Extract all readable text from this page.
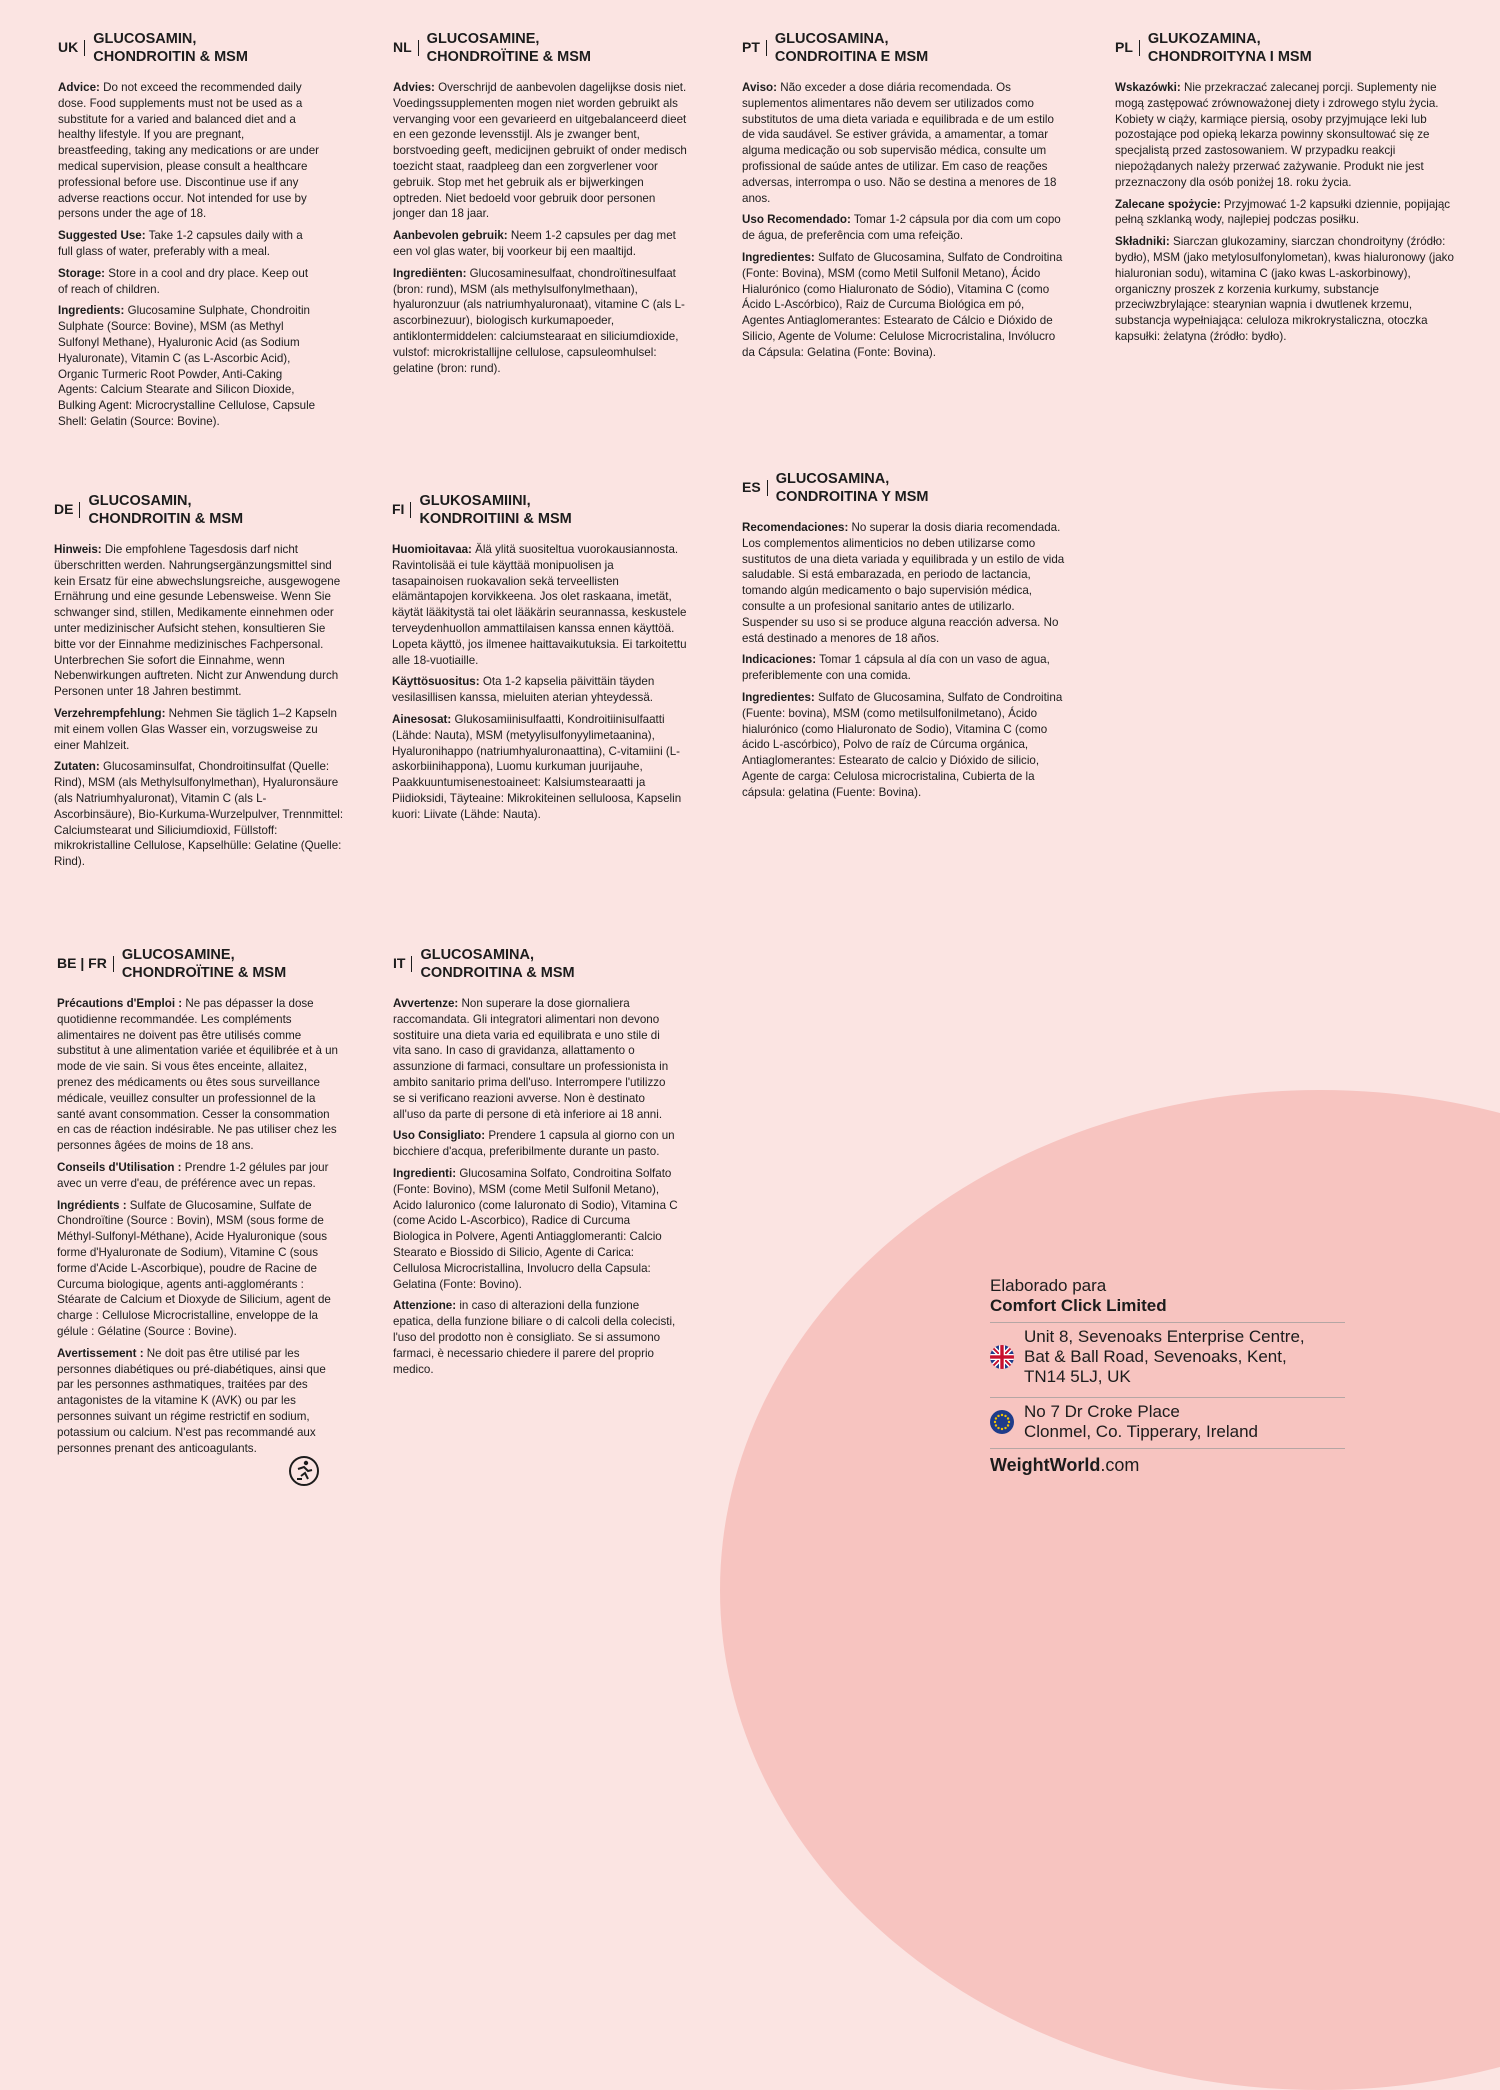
UK
GLUCOSAMIN,
CHONDROITIN & MSM

Advice: Do not exceed the recommended daily dose. Food supplements must not be used as a substitute for a varied and balanced diet and a healthy lifestyle. If you are pregnant, breastfeeding, taking any medications or are under medical supervision, please consult a healthcare professional before use. Discontinue use if any adverse reactions occur. Not intended for use by persons under the age of 18.

Suggested Use: Take 1-2 capsules daily with a full glass of water, preferably with a meal.

Storage: Store in a cool and dry place. Keep out of reach of children.

Ingredients: Glucosamine Sulphate, Chondroitin Sulphate (Source: Bovine), MSM (as Methyl Sulfonyl Methane), Hyaluronic Acid (as Sodium Hyaluronate), Vitamin C (as L-Ascorbic Acid), Organic Turmeric Root Powder, Anti-Caking Agents: Calcium Stearate and Silicon Dioxide, Bulking Agent: Microcrystalline Cellulose, Capsule Shell: Gelatin (Source: Bovine).

NL
GLUCOSAMINE,
CHONDROÏTINE & MSM

Advies: Overschrijd de aanbevolen dagelijkse dosis niet. Voedingssupplementen mogen niet worden gebruikt als vervanging voor een gevarieerd en uitgebalanceerd dieet en een gezonde levensstijl. Als je zwanger bent, borstvoeding geeft, medicijnen gebruikt of onder medisch toezicht staat, raadpleeg dan een zorgverlener voor gebruik. Stop met het gebruik als er bijwerkingen optreden. Niet bedoeld voor gebruik door personen jonger dan 18 jaar.

Aanbevolen gebruik: Neem 1-2 capsules per dag met een vol glas water, bij voorkeur bij een maaltijd.

Ingrediënten: Glucosaminesulfaat, chondroïtinesulfaat (bron: rund), MSM (als methylsulfonylmethaan), hyaluronzuur (als natriumhyaluronaat), vitamine C (als L-ascorbinezuur), biologisch kurkumapoeder, antiklontermiddelen: calciumstearaat en siliciumdioxide, vulstof: microkristallijne cellulose, capsuleomhulsel: gelatine (bron: rund).

PT
GLUCOSAMINA,
CONDROITINA E MSM

Aviso: Não exceder a dose diária recomendada. Os suplementos alimentares não devem ser utilizados como substitutos de uma dieta variada e equilibrada e de um estilo de vida saudável. Se estiver grávida, a amamentar, a tomar alguma medicação ou sob supervisão médica, consulte um profissional de saúde antes de utilizar. Em caso de reações adversas, interrompa o uso. Não se destina a menores de 18 anos.

Uso Recomendado: Tomar 1-2 cápsula por dia com um copo de água, de preferência com uma refeição.

Ingredientes: Sulfato de Glucosamina, Sulfato de Condroitina (Fonte: Bovina), MSM (como Metil Sulfonil Metano), Ácido Hialurónico (como Hialuronato de Sódio), Vitamina C (como Ácido L-Ascórbico), Raiz de Curcuma Biológica em pó, Agentes Antiaglomerantes: Estearato de Cálcio e Dióxido de Silicio, Agente de Volume: Celulose Microcristalina, Invólucro da Cápsula: Gelatina (Fonte: Bovina).

PL
GLUKOZAMINA,
CHONDROITYNA I MSM

Wskazówki: Nie przekraczać zalecanej porcji. Suplementy nie mogą zastępować zrównoważonej diety i zdrowego stylu życia. Kobiety w ciąży, karmiące piersią, osoby przyjmujące leki lub pozostające pod opieką lekarza powinny skonsultować się ze specjalistą przed zastosowaniem. W przypadku reakcji niepożądanych należy przerwać zażywanie. Produkt nie jest przeznaczony dla osób poniżej 18. roku życia.

Zalecane spożycie: Przyjmować 1-2 kapsułki dziennie, popijając pełną szklanką wody, najlepiej podczas posiłku.

Składniki: Siarczan glukozaminy, siarczan chondroityny (źródło: bydło), MSM (jako metylosulfonylometan), kwas hialuronowy (jako hialuronian sodu), witamina C (jako kwas L-askorbinowy), organiczny proszek z korzenia kurkumy, substancje przeciwzbrylające: stearynian wapnia i dwutlenek krzemu, substancja wypełniająca: celuloza mikrokrystaliczna, otoczka kapsułki: żelatyna (źródło: bydło).

DE
GLUCOSAMIN,
CHONDROITIN & MSM

Hinweis: Die empfohlene Tagesdosis darf nicht überschritten werden. Nahrungsergänzungsmittel sind kein Ersatz für eine abwechslungsreiche, ausgewogene Ernährung und eine gesunde Lebensweise. Wenn Sie schwanger sind, stillen, Medikamente einnehmen oder unter medizinischer Aufsicht stehen, konsultieren Sie bitte vor der Einnahme medizinisches Fachpersonal. Unterbrechen Sie sofort die Einnahme, wenn Nebenwirkungen auftreten. Nicht zur Anwendung durch Personen unter 18 Jahren bestimmt.

Verzehrempfehlung: Nehmen Sie täglich 1–2 Kapseln mit einem vollen Glas Wasser ein, vorzugsweise zu einer Mahlzeit.

Zutaten: Glucosaminsulfat, Chondroitinsulfat (Quelle: Rind), MSM (als Methylsulfonylmethan), Hyaluronsäure (als Natriumhyaluronat), Vitamin C (als L-Ascorbinsäure), Bio-Kurkuma-Wurzelpulver, Trennmittel: Calciumstearat und Siliciumdioxid, Füllstoff: mikrokristalline Cellulose, Kapselhülle: Gelatine (Quelle: Rind).

FI
GLUKOSAMIINI,
KONDROITIINI & MSM

Huomioitavaa: Älä ylitä suositeltua vuorokausiannosta. Ravintolisää ei tule käyttää monipuolisen ja tasapainoisen ruokavalion sekä terveellisten elämäntapojen korvikkeena. Jos olet raskaana, imetät, käytät lääkitystä tai olet lääkärin seurannassa, keskustele terveydenhuollon ammattilaisen kanssa ennen käyttöä. Lopeta käyttö, jos ilmenee haittavaikutuksia. Ei tarkoitettu alle 18-vuotiaille.

Käyttösuositus: Ota 1-2 kapselia päivittäin täyden vesilasillisen kanssa, mieluiten aterian yhteydessä.

Ainesosat: Glukosamiinisulfaatti, Kondroitiinisulfaatti (Lähde: Nauta), MSM (metyylisulfonyylimetaanina), Hyaluronihappo (natriumhyaluronaattina), C-vitamiini (L-askorbiinihappona), Luomu kurkuman juurijauhe, Paakkuuntumisenestoaineet: Kalsiumstearaatti ja Piidioksidi, Täyteaine: Mikrokiteinen selluloosa, Kapselin kuori: Liivate (Lähde: Nauta).

ES
GLUCOSAMINA,
CONDROITINA Y MSM

Recomendaciones: No superar la dosis diaria recomendada. Los complementos alimenticios no deben utilizarse como sustitutos de una dieta variada y equilibrada y un estilo de vida saludable. Si está embarazada, en periodo de lactancia, tomando algún medicamento o bajo supervisión médica, consulte a un profesional sanitario antes de utilizarlo. Suspender su uso si se produce alguna reacción adversa. No está destinado a menores de 18 años.

Indicaciones: Tomar 1 cápsula al día con un vaso de agua, preferiblemente con una comida.

Ingredientes: Sulfato de Glucosamina, Sulfato de Condroitina (Fuente: bovina), MSM (como metilsulfonilmetano), Ácido hialurónico (como Hialuronato de Sodio), Vitamina C (como ácido L-ascórbico), Polvo de raíz de Cúrcuma orgánica, Antiaglomerantes: Estearato de calcio y Dióxido de silicio, Agente de carga: Celulosa microcristalina, Cubierta de la cápsula: gelatina (Fuente: Bovina).

BE | FR
GLUCOSAMINE,
CHONDROÏTINE & MSM

Précautions d'Emploi : Ne pas dépasser la dose quotidienne recommandée. Les compléments alimentaires ne doivent pas être utilisés comme substitut à une alimentation variée et équilibrée et à un mode de vie sain. Si vous êtes enceinte, allaitez, prenez des médicaments ou êtes sous surveillance médicale, veuillez consulter un professionnel de la santé avant consommation. Cesser la consommation en cas de réaction indésirable. Ne pas utiliser chez les personnes âgées de moins de 18 ans.

Conseils d'Utilisation : Prendre 1-2 gélules par jour avec un verre d'eau, de préférence avec un repas.

Ingrédients : Sulfate de Glucosamine, Sulfate de Chondroïtine (Source : Bovin), MSM (sous forme de Méthyl-Sulfonyl-Méthane), Acide Hyaluronique (sous forme d'Hyaluronate de Sodium), Vitamine C (sous forme d'Acide L-Ascorbique), poudre de Racine de Curcuma biologique, agents anti-agglomérants : Stéarate de Calcium et Dioxyde de Silicium, agent de charge : Cellulose Microcristalline, enveloppe de la gélule : Gélatine (Source : Bovine).

Avertissement : Ne doit pas être utilisé par les personnes diabétiques ou pré-diabétiques, ainsi que par les personnes asthmatiques, traitées par des antagonistes de la vitamine K (AVK) ou par les personnes suivant un régime restrictif en sodium, potassium ou calcium. N'est pas recommandé aux personnes prenant des anticoagulants.

IT
GLUCOSAMINA,
CONDROITINA & MSM

Avvertenze: Non superare la dose giornaliera raccomandata. Gli integratori alimentari non devono sostituire una dieta varia ed equilibrata e uno stile di vita sano. In caso di gravidanza, allattamento o assunzione di farmaci, consultare un professionista in ambito sanitario prima dell'uso. Interrompere l'utilizzo se si verificano reazioni avverse. Non è destinato all'uso da parte di persone di età inferiore ai 18 anni.

Uso Consigliato: Prendere 1 capsula al giorno con un bicchiere d'acqua, preferibilmente durante un pasto.

Ingredienti: Glucosamina Solfato, Condroitina Solfato (Fonte: Bovino), MSM (come Metil Sulfonil Metano), Acido Ialuronico (come Ialuronato di Sodio), Vitamina C (come Acido L-Ascorbico), Radice di Curcuma Biologica in Polvere, Agenti Antiagglomeranti: Calcio Stearato e Biossido di Silicio, Agente di Carica: Cellulosa Microcristallina, Involucro della Capsula: Gelatina (Fonte: Bovino).

Attenzione: in caso di alterazioni della funzione epatica, della funzione biliare o di calcoli della colecisti, l'uso del prodotto non è consigliato. Se si assumono farmaci, è necessario chiedere il parere del proprio medico.

Elaborado para
Comfort Click Limited
Unit 8, Sevenoaks Enterprise Centre,
Bat & Ball Road, Sevenoaks, Kent,
TN14 5LJ, UK
No 7 Dr Croke Place
Clonmel, Co. Tipperary, Ireland
WeightWorld.com
